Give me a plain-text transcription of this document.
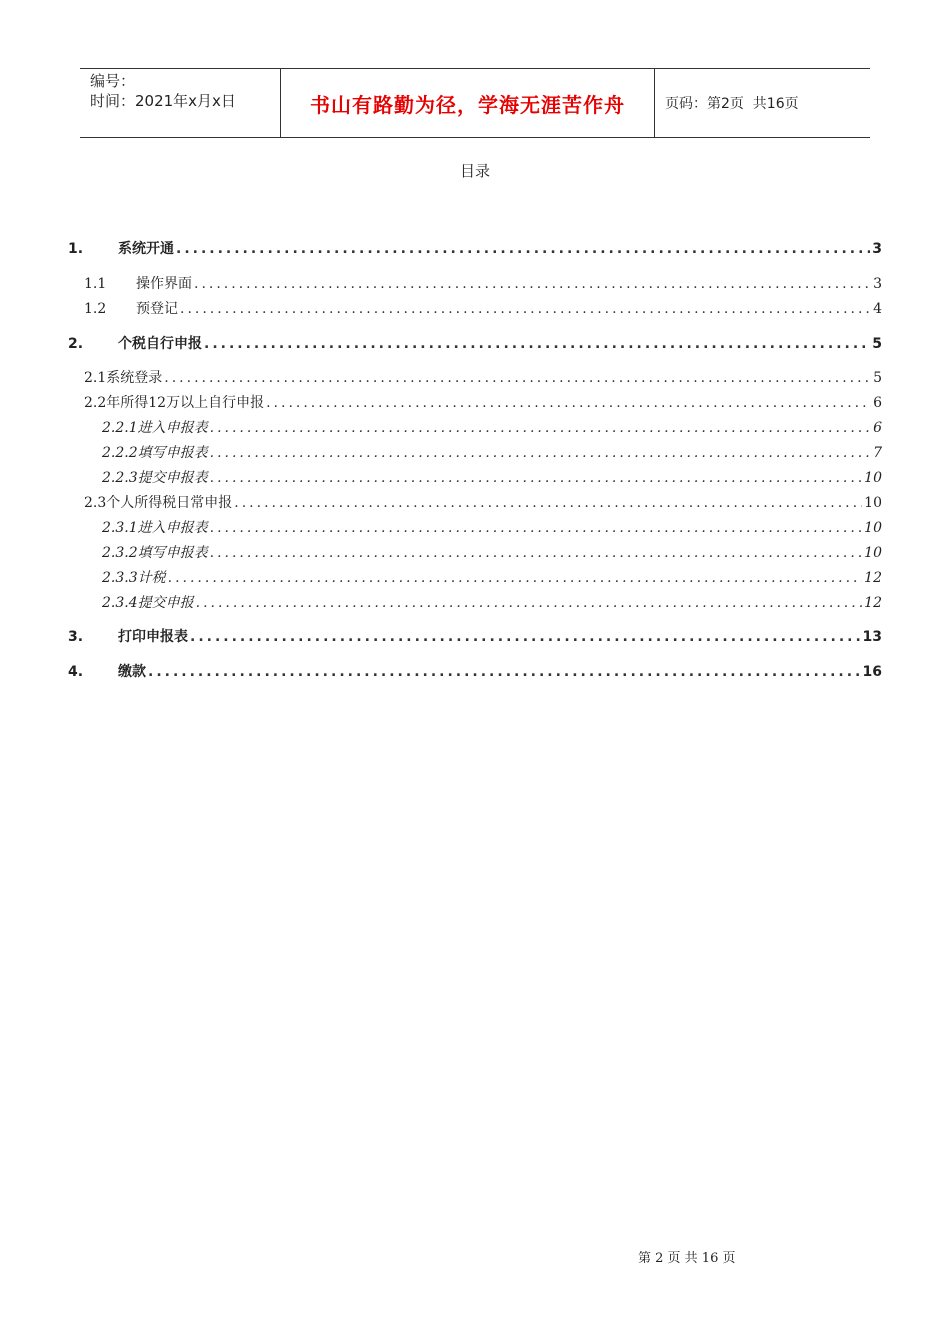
编号：
时间：2021年x月x日	书山有路勤为径，学海无涯苦作舟	页码：第2页  共16页
目录
1.	系统开通 .....	3
1.1	操作界面 .....	3
1.2	预登记 .....	4
2.	个税自行申报 .....	5
2.1系统登录 .....	5
2.2年所得12万以上自行申报 .....	6
2.2.1进入申报表 .....	6
2.2.2填写申报表 .....	7
2.2.3提交申报表 .....	10
2.3个人所得税日常申报 .....	10
2.3.1进入申报表 .....	10
2.3.2填写申报表 .....	10
2.3.3计税 .....	12
2.3.4提交申报 .....	12
3.	打印申报表 .....	13
4.	缴款 .....	16
第 2 页 共 16 页
